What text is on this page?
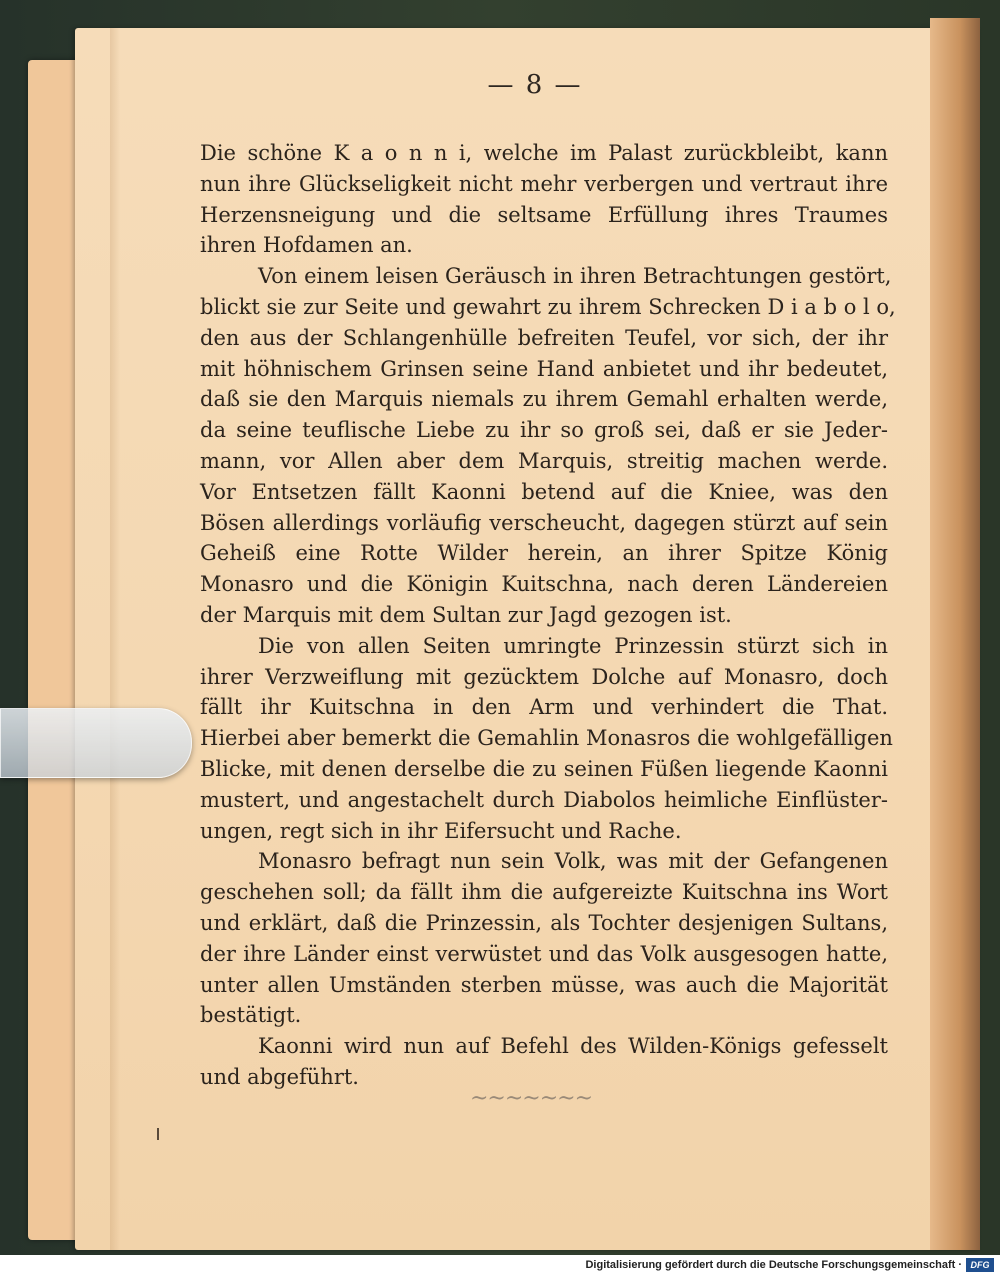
— 8 —
Die schöne K a o n n i, welche im Palast zurückbleibt, kann
nun ihre Glückseligkeit nicht mehr verbergen und vertraut ihre
Herzensneigung und die seltsame Erfüllung ihres Traumes
ihren Hofdamen an.
Von einem leisen Geräusch in ihren Betrachtungen gestört,
blickt sie zur Seite und gewahrt zu ihrem Schrecken D i a b o l o,
den aus der Schlangenhülle befreiten Teufel, vor sich, der ihr
mit höhnischem Grinsen seine Hand anbietet und ihr bedeutet,
daß sie den Marquis niemals zu ihrem Gemahl erhalten werde,
da seine teuflische Liebe zu ihr so groß sei, daß er sie Jeder-
mann, vor Allen aber dem Marquis, streitig machen werde.
Vor Entsetzen fällt Kaonni betend auf die Kniee, was den
Bösen allerdings vorläufig verscheucht, dagegen stürzt auf sein
Geheiß eine Rotte Wilder herein, an ihrer Spitze König
Monasro und die Königin Kuitschna, nach deren Ländereien
der Marquis mit dem Sultan zur Jagd gezogen ist.
Die von allen Seiten umringte Prinzessin stürzt sich in
ihrer Verzweiflung mit gezücktem Dolche auf Monasro, doch
fällt ihr Kuitschna in den Arm und verhindert die That.
Hierbei aber bemerkt die Gemahlin Monasros die wohlgefälligen
Blicke, mit denen derselbe die zu seinen Füßen liegende Kaonni
mustert, und angestachelt durch Diabolos heimliche Einflüster-
ungen, regt sich in ihr Eifersucht und Rache.
Monasro befragt nun sein Volk, was mit der Gefangenen
geschehen soll; da fällt ihm die aufgereizte Kuitschna ins Wort
und erklärt, daß die Prinzessin, als Tochter desjenigen Sultans,
der ihre Länder einst verwüstet und das Volk ausgesogen hatte,
unter allen Umständen sterben müsse, was auch die Majorität
bestätigt.
Kaonni wird nun auf Befehl des Wilden-Königs gefesselt
und abgeführt.
~~~~~~~
Digitalisierung gefördert durch die Deutsche Forschungsgemeinschaft · DFG
